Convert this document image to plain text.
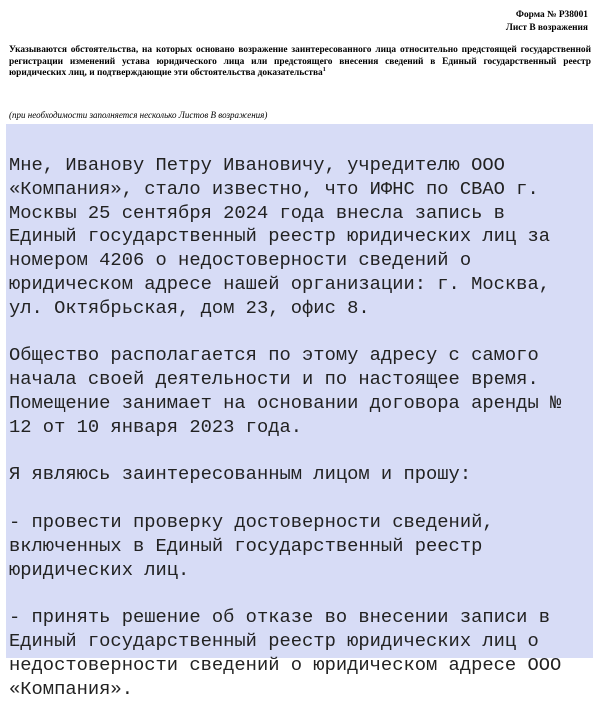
Форма № Р38001
Лист В возражения
Указываются обстоятельства, на которых основано возражение заинтересованного лица относительно предстоящей государственной регистрации изменений устава юридического лица или предстоящего внесения сведений в Единый государственный реестр юридических лиц, и подтверждающие эти обстоятельства доказательства$^1$
(при необходимости заполняется несколько Листов В возражения)
Мне, Иванову Петру Ивановичу, учредителю ООО
«Компания», стало известно, что ИФНС по СВАО г.
Москвы 25 сентября 2024 года внесла запись в
Единый государственный реестр юридических лиц за
номером 4206 о недостоверности сведений о
юридическом адресе нашей организации: г. Москва,
ул. Октябрьская, дом 23, офис 8.
Общество располагается по этому адресу с самого
начала своей деятельности и по настоящее время.
Помещение занимает на основании договора аренды №
12 от 10 января 2023 года.
Я являюсь заинтересованным лицом и прошу:
- провести проверку достоверности сведений,
включенных в Единый государственный реестр
юридических лиц.
- принять решение об отказе во внесении записи в
Единый государственный реестр юридических лиц о
недостоверности сведений о юридическом адресе ООО
«Компания».
